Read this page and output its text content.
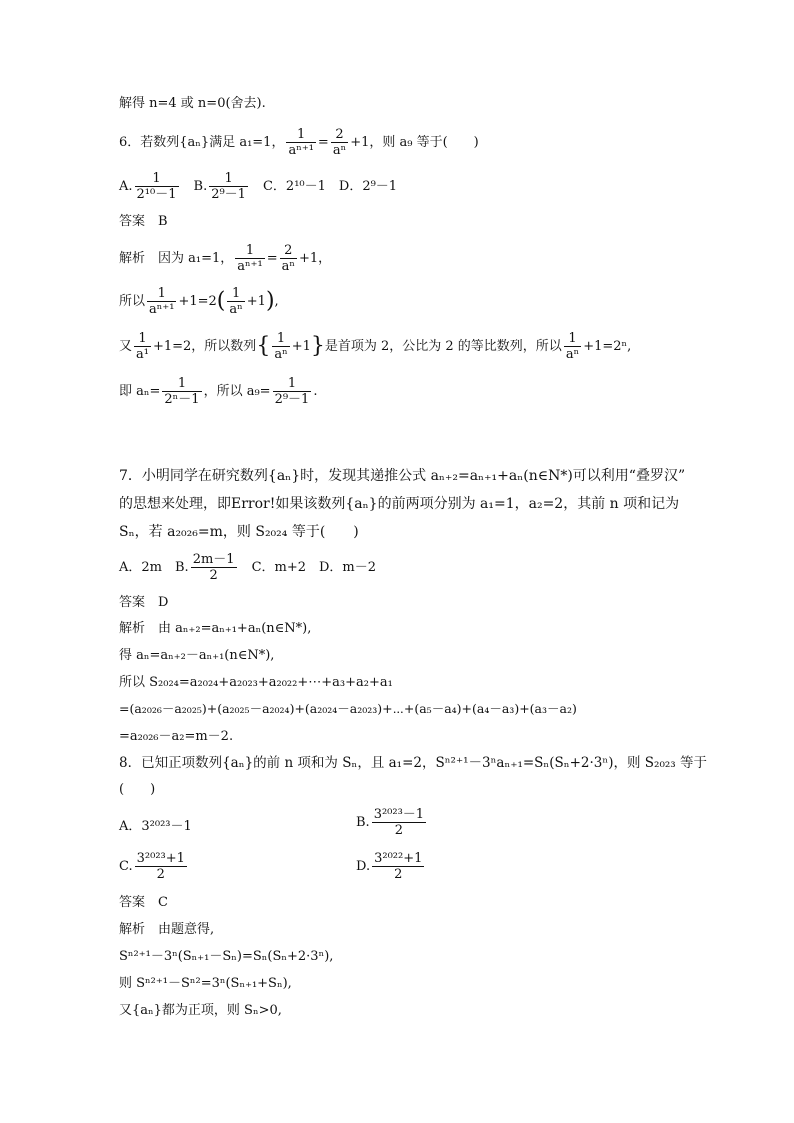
解得 n=4 或 n=0(舍去).
6．若数列{aₙ}满足 a₁=1， $\frac{1}{\text{aⁿ⁺¹}} = \frac{2}{\text{aⁿ}} +1$，则 a₉ 等于(　　)
A. $\frac{1}{\text{2¹⁰－1}}$
　 B. $\frac{1}{\text{2⁹－1}}$
　 C．2¹⁰－1　D．2⁹－1
答案　B
解析　因为 a₁=1， $\frac{1}{\text{aⁿ⁺¹}} = \frac{2}{\text{aⁿ}} +1$，
所以 $\frac{1}{\text{aⁿ⁺¹}} +1=2( \frac{1}{\text{aⁿ}} +1)$,
又 $\frac{1}{\text{a¹}} +1=2$，所以数列{ $\frac{1}{\text{aⁿ}} +1$}是首项为 2，公比为 2 的等比数列，所以 $\frac{1}{\text{aⁿ}} +1=2^n$,
即 $a_n= \frac{1}{\text{2ⁿ－1}}$ ，所以 $a_9= \frac{1}{\text{2⁹－1}}$ .
7．小明同学在研究数列{aₙ}时，发现其递推公式 aₙ₊₂=aₙ₊₁+aₙ(n∈N*)可以利用“叠罗汉”
的思想来处理，即Error!如果该数列{aₙ}的前两项分别为 a₁=1，a₂=2，其前 n 项和记为
Sₙ，若 a₂₀₂₆=m，则 S₂₀₂₄ 等于(　　)
A．2m　B. $\frac{2m-1}{2}$ 　C．m+2　D．m－2
答案　D
解析　由 aₙ₊₂=aₙ₊₁+aₙ(n∈N*),
得 aₙ=aₙ₊₂－aₙ₊₁(n∈N*),
所以 S₂₀₂₄=a₂₀₂₄+a₂₀₂₃+a₂₀₂₂+⋯+a₃+a₂+a₁
=(a₂₀₂₆－a₂₀₂₅)+(a₂₀₂₅－a₂₀₂₄)+(a₂₀₂₄－a₂₀₂₃)+⋯+(a₅－a₄)+(a₄－a₃)+(a₃－a₂)
=a₂₀₂₆－a₂=m－2.
8．已知正项数列{aₙ}的前 n 项和为 Sₙ，且 a₁=2，Sⁿ²⁺¹－3ⁿaₙ₊₁=Sₙ(Sₙ+2·3ⁿ)，则 S₂₀₂₃ 等于
(　　)
A．3²⁰²³－1	B. $\frac{\text{3²⁰²³－1}}{2}$
C. $\frac{\text{3²⁰²³+1}}{2}$	D. $\frac{\text{3²⁰²²+1}}{2}$
答案　C
解析　由题意得,
Sⁿ²⁺¹－3ⁿ(Sₙ₊₁－Sₙ)=Sₙ(Sₙ+2·3ⁿ),
则 Sⁿ²⁺¹－Sⁿ²=3ⁿ(Sₙ₊₁+Sₙ),
又{aₙ}都为正项，则 Sₙ>0,
